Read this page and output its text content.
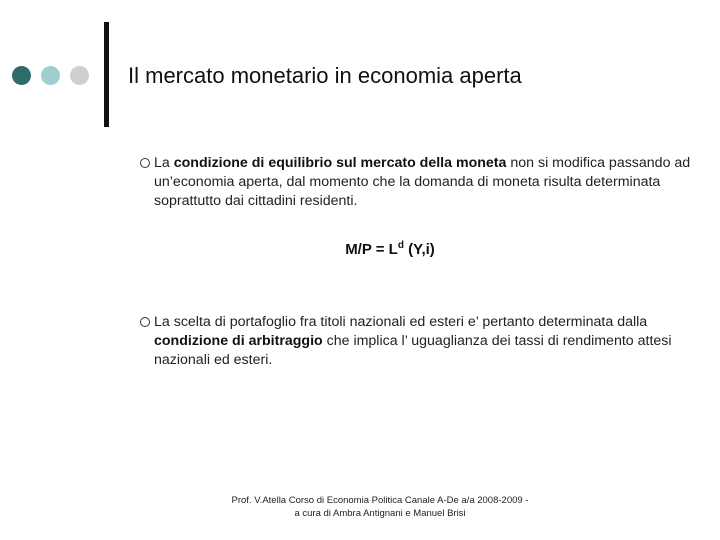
Il mercato monetario in economia aperta
La condizione di equilibrio sul mercato della moneta non si modifica passando ad un’economia aperta, dal momento che la domanda di moneta risulta determinata soprattutto dai cittadini residenti.
$M/P = L^d$ (Y,i)
La scelta di portafoglio fra titoli nazionali ed esteri e’ pertanto determinata dalla condizione di arbitraggio che implica l’ uguaglianza dei tassi di rendimento attesi nazionali ed esteri.
Prof. V.Atella Corso di Economia Politica Canale A-De a/a 2008-2009 -
a cura di Ambra Antignani e Manuel Brisi
